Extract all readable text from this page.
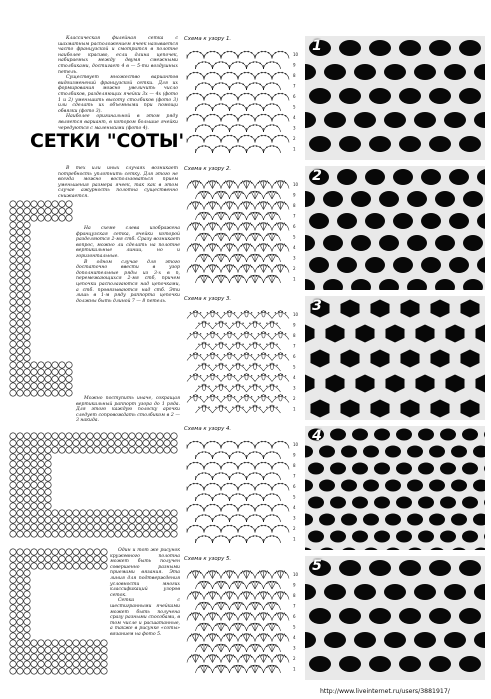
Классическая филейная сетка с шахматным расположением ячеек называется часто французской и смотрится в полотне наиболее красиво, если длина цепочек, набираемых между двумя смежными столбиками, достигает 4 в — 5-ти воздушных петель.

Существует множество вариантов видоизменений французской сетки. Для их формирования можно увеличить число столбиков, разделяющих ячейки 3х — 4х (фото 1 и 2) уменьшить высоту столбиков (фото 3) или сделать их объемными при помощи обвязки (фото 3).

Наиболее оригинальной в этом ряду является вариант, в котором большие ячейки чередуются с маленькими (фото 4).

СЕТКИ "СОТЫ"

В тех или иных случаях возникает потребность уплотнить сетку. Для этого не всегда можно воспользоваться прием уменьшения размера ячеек, так как в этом случае ажурность полотна существенно снижается.

На схеме слева изображена французская сетка, ячейки которой разделяются 2-мя стб. Сразу возникает вопрос, можно ли сделать на полотне вертикальные линии, но и горизонтальные.

В одном случае для этого достаточно ввести в узор дополнительные ряды из 3-х в п, перемежающихся 2-мя стб, причем цепочки располагаются над цепочками, а стб. провязываются над стб. Эти лишь в 1-м ряду раппорта цепочки должны быть длиной 7 — 8 петель.

Можно поступить иначе, сокращая вертикальный раппорт узора до 1 ряда. Для этого каждую полоску арочки следует сопровождать столбиком в 2 — 3 накида.

Один и тот же рисунок кружевного полотна может быть получен совершенно разными приемами вязания. Эта линия для подтверждения условности многих классификаций узоров сеток.

Сетка с шестигранными ячейками может быть получена сразу разными способами, в том числе и расшатанные, а также в рисунке «соты» вязанием на фото 5.

Схема к узору 1.
10
9
8
7
6
5
4
3
2
1
1
Схема к узору 2.
10
9
8
7
6
5
4
3
2
1
2
Схема к узору 3.
10
9
8
7
6
5
4
3
2
1
3
Схема к узору 4.
10
9
8
7
6
5
4
3
2
1
4
Схема к узору 5.
10
9
8
7
6
5
4
3
2
1
5
http://www.liveinternet.ru/users/3881917/
